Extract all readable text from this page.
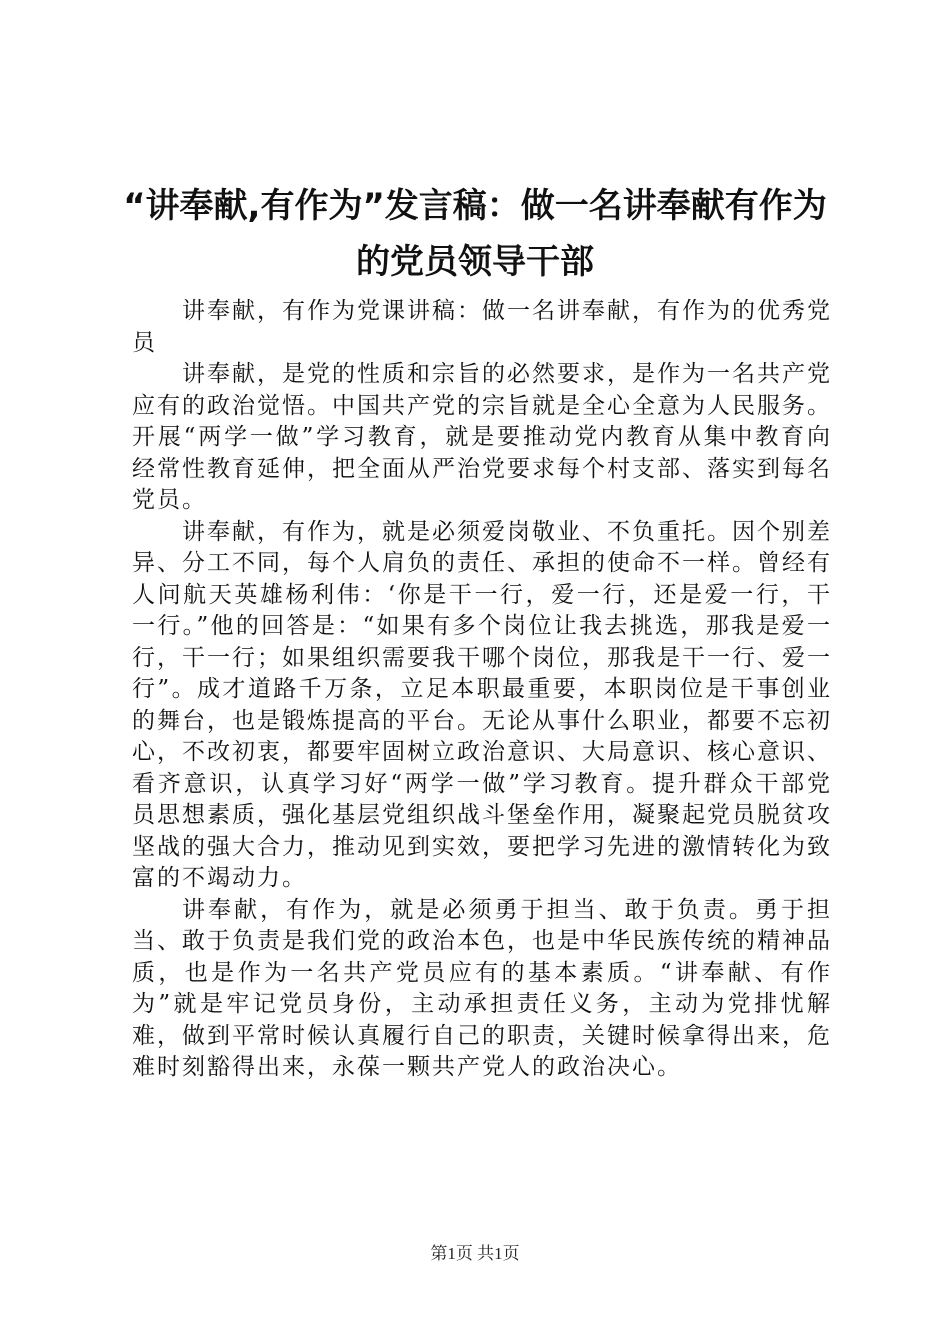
“讲奉献,有作为”发言稿：做一名讲奉献有作为的党员领导干部

讲奉献，有作为党课讲稿：做一名讲奉献，有作为的优秀党员

讲奉献，是党的性质和宗旨的必然要求，是作为一名共产党应有的政治觉悟。中国共产党的宗旨就是全心全意为人民服务。开展“两学一做”学习教育，就是要推动党内教育从集中教育向经常性教育延伸，把全面从严治党要求每个村支部、落实到每名党员。

讲奉献，有作为，就是必须爱岗敬业、不负重托。因个别差异、分工不同，每个人肩负的责任、承担的使命不一样。曾经有人问航天英雄杨利伟：‘你是干一行，爱一行，还是爱一行，干一行。”他的回答是：“如果有多个岗位让我去挑选，那我是爱一行，干一行；如果组织需要我干哪个岗位，那我是干一行、爱一行”。成才道路千万条，立足本职最重要，本职岗位是干事创业的舞台，也是锻炼提高的平台。无论从事什么职业，都要不忘初心，不改初衷，都要牢固树立政治意识、大局意识、核心意识、看齐意识，认真学习好“两学一做”学习教育。提升群众干部党员思想素质，强化基层党组织战斗堡垒作用，凝聚起党员脱贫攻坚战的强大合力，推动见到实效，要把学习先进的激情转化为致富的不竭动力。

讲奉献，有作为，就是必须勇于担当、敢于负责。勇于担当、敢于负责是我们党的政治本色，也是中华民族传统的精神品质，也是作为一名共产党员应有的基本素质。“讲奉献、有作为”就是牢记党员身份，主动承担责任义务，主动为党排忧解难，做到平常时候认真履行自己的职责，关键时候拿得出来，危难时刻豁得出来，永葆一颗共产党人的政治决心。

第1页 共1页
